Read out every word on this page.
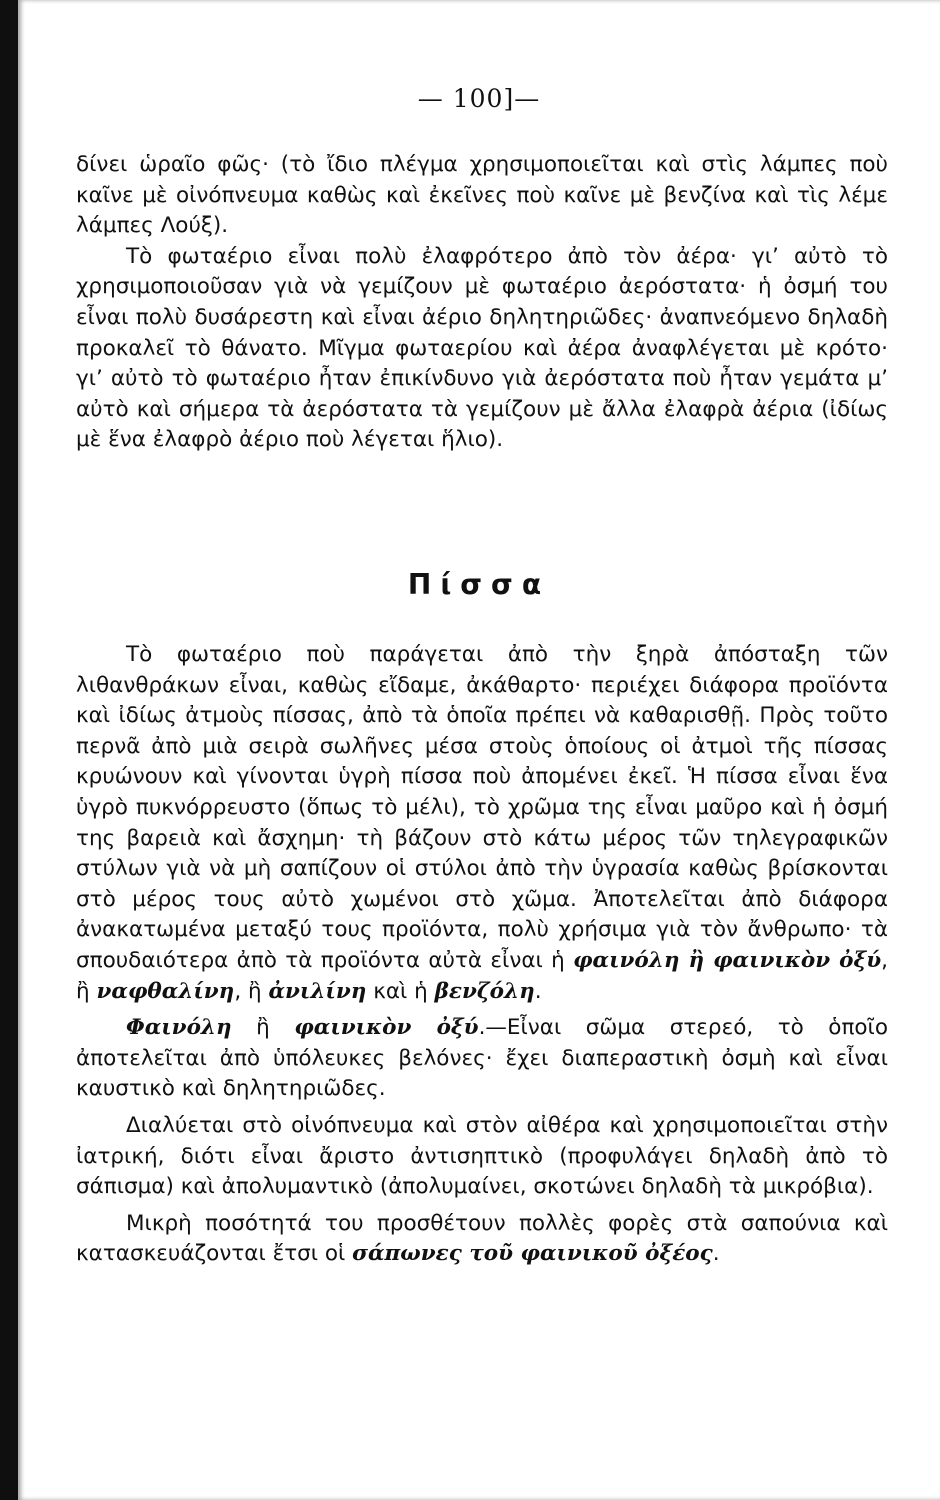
— 100]—

δίνει ὡραῖο φῶς· (τὸ ἴδιο πλέγμα χρησιμοποιεῖται καὶ στὶς λάμπες ποὺ καῖνε μὲ οἰνόπνευμα καθὼς καὶ ἐκεῖνες ποὺ καῖνε μὲ βενζίνα καὶ τὶς λέμε λάμπες Λούξ).

Τὸ φωταέριο εἶναι πολὺ ἐλαφρότερο ἀπὸ τὸν ἀέρα· γι’ αὐτὸ τὸ χρησιμοποιοῦσαν γιὰ νὰ γεμίζουν μὲ φωταέριο ἀερόστατα· ἡ ὀσμή του εἶναι πολὺ δυσάρεστη καὶ εἶναι ἀέριο δηλητηριῶδες· ἀναπνεόμενο δηλαδὴ προκαλεῖ τὸ θάνατο. Μῖγμα φωταερίου καὶ ἀέρα ἀναφλέγεται μὲ κρότο· γι’ αὐτὸ τὸ φωταέριο ἦταν ἐπικίνδυνο γιὰ ἀερόστατα ποὺ ἦταν γεμάτα μ’ αὐτὸ καὶ σήμερα τὰ ἀερόστατα τὰ γεμίζουν μὲ ἄλλα ἐλαφρὰ ἀέρια (ἰδίως μὲ ἕνα ἐλαφρὸ ἀέριο ποὺ λέγεται ἥλιο).

Πίσσα

Τὸ φωταέριο ποὺ παράγεται ἀπὸ τὴν ξηρὰ ἀπόσταξη τῶν λιθανθράκων εἶναι, καθὼς εἴδαμε, ἀκάθαρτο· περιέχει διάφορα προϊόντα καὶ ἰδίως ἀτμοὺς πίσσας, ἀπὸ τὰ ὁποῖα πρέπει νὰ καθαρισθῇ. Πρὸς τοῦτο περνᾶ ἀπὸ μιὰ σειρὰ σωλῆνες μέσα στοὺς ὁποίους οἱ ἀτμοὶ τῆς πίσσας κρυώνουν καὶ γίνονται ὑγρὴ πίσσα ποὺ ἀπομένει ἐκεῖ. Ἡ πίσσα εἶναι ἕνα ὑγρὸ πυκνόρρευστο (ὅπως τὸ μέλι), τὸ χρῶμα της εἶναι μαῦρο καὶ ἡ ὀσμή της βαρειὰ καὶ ἄσχημη· τὴ βάζουν στὸ κάτω μέρος τῶν τηλεγραφικῶν στύλων γιὰ νὰ μὴ σαπίζουν οἱ στύλοι ἀπὸ τὴν ὑγρασία καθὼς βρίσκονται στὸ μέρος τους αὐτὸ χωμένοι στὸ χῶμα. Ἀποτελεῖται ἀπὸ διάφορα ἀνακατωμένα μεταξύ τους προϊόντα, πολὺ χρήσιμα γιὰ τὸν ἄνθρωπο· τὰ σπουδαιότερα ἀπὸ τὰ προϊόντα αὐτὰ εἶναι ἡ φαινόλη ἢ φαινικὸν ὀξύ, ἢ ναφθαλίνη, ἢ ἀνιλίνη καὶ ἡ βενζόλη.

Φαινόλη ἢ φαινικὸν ὀξύ.—Εἶναι σῶμα στερεό, τὸ ὁποῖο ἀποτελεῖται ἀπὸ ὑπόλευκες βελόνες· ἔχει διαπεραστικὴ ὀσμὴ καὶ εἶναι καυστικὸ καὶ δηλητηριῶδες.

Διαλύεται στὸ οἰνόπνευμα καὶ στὸν αἰθέρα καὶ χρησιμοποιεῖται στὴν ἰατρική, διότι εἶναι ἄριστο ἀντισηπτικὸ (προφυλάγει δηλαδὴ ἀπὸ τὸ σάπισμα) καὶ ἀπολυμαντικὸ (ἀπολυμαίνει, σκοτώνει δηλαδὴ τὰ μικρόβια).

Μικρὴ ποσότητά του προσθέτουν πολλὲς φορὲς στὰ σαπούνια καὶ κατασκευάζονται ἔτσι οἱ σάπωνες τοῦ φαινικοῦ ὀξέος.
